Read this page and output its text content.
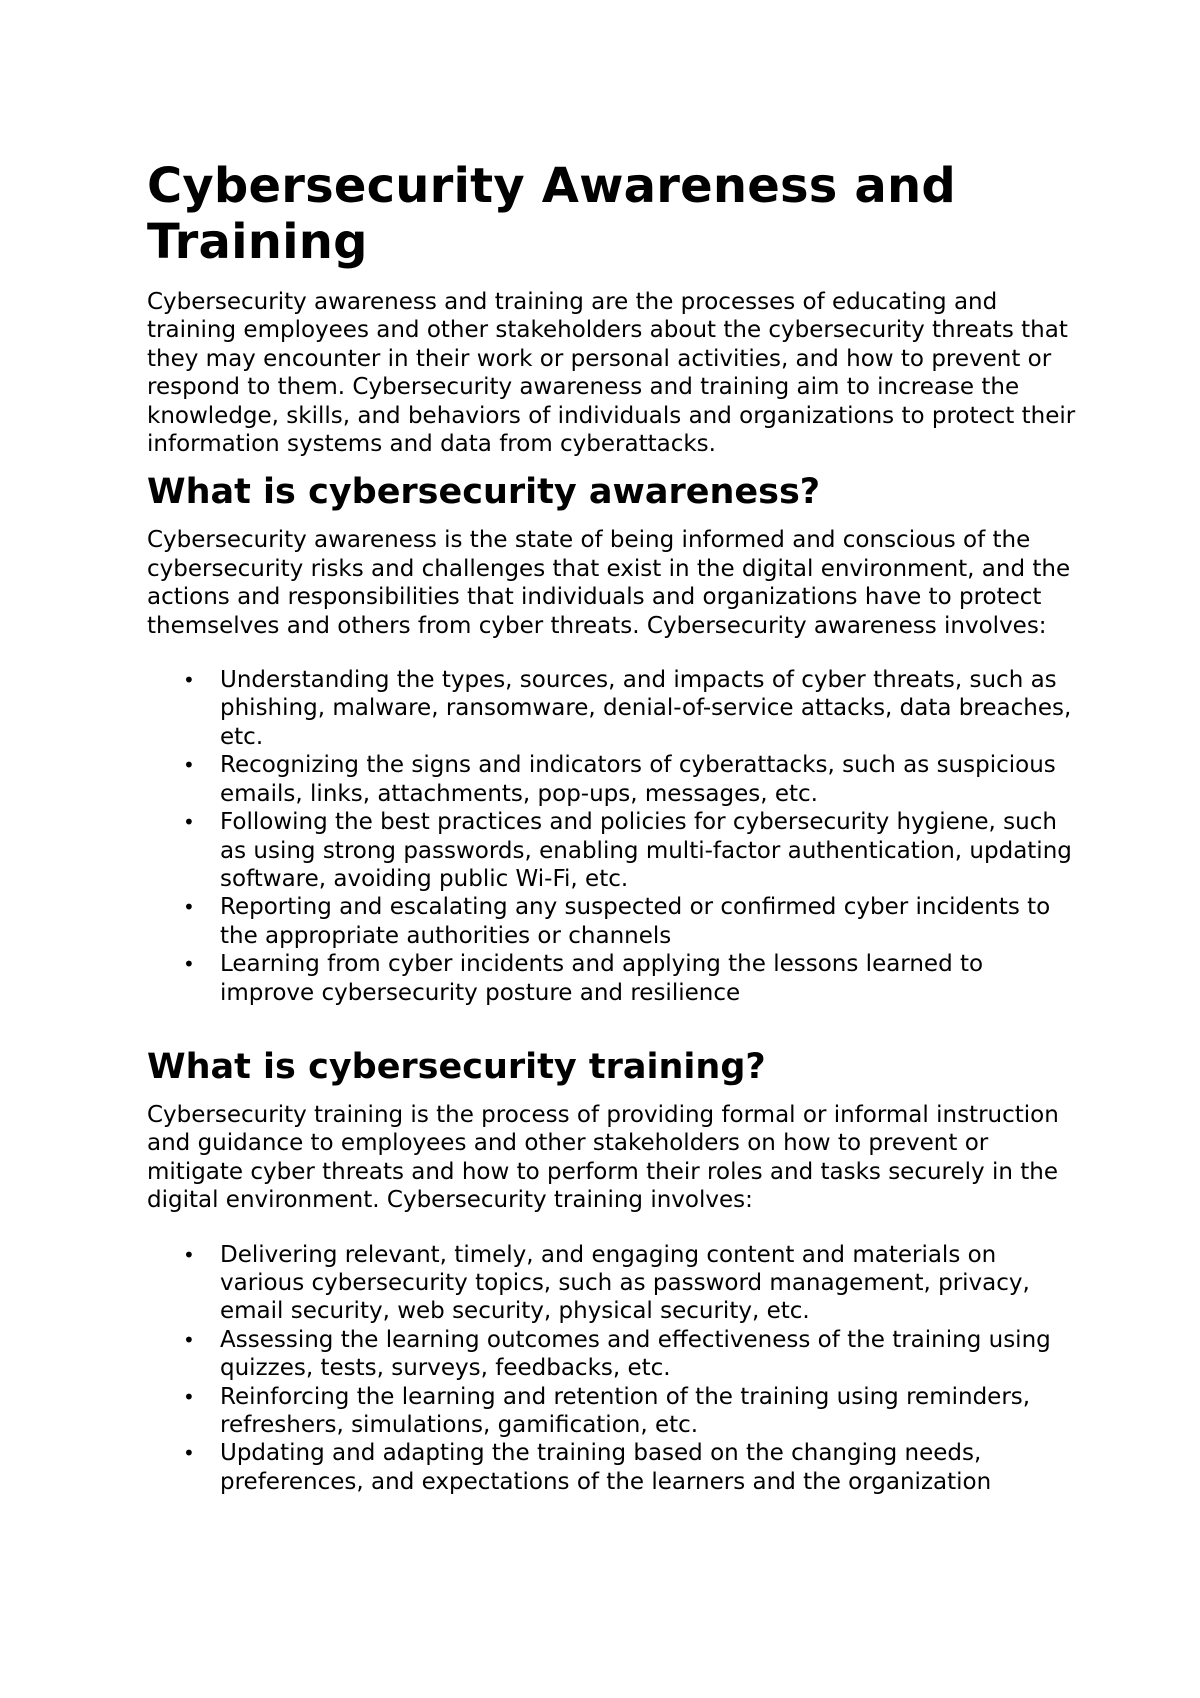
Cybersecurity Awareness and Training

Cybersecurity awareness and training are the processes of educating and training employees and other stakeholders about the cybersecurity threats that they may encounter in their work or personal activities, and how to prevent or respond to them. Cybersecurity awareness and training aim to increase the knowledge, skills, and behaviors of individuals and organizations to protect their information systems and data from cyberattacks.

What is cybersecurity awareness?

Cybersecurity awareness is the state of being informed and conscious of the cybersecurity risks and challenges that exist in the digital environment, and the actions and responsibilities that individuals and organizations have to protect themselves and others from cyber threats. Cybersecurity awareness involves:

• Understanding the types, sources, and impacts of cyber threats, such as phishing, malware, ransomware, denial-of-service attacks, data breaches, etc.
• Recognizing the signs and indicators of cyberattacks, such as suspicious emails, links, attachments, pop-ups, messages, etc.
• Following the best practices and policies for cybersecurity hygiene, such as using strong passwords, enabling multi-factor authentication, updating software, avoiding public Wi-Fi, etc.
• Reporting and escalating any suspected or confirmed cyber incidents to the appropriate authorities or channels
• Learning from cyber incidents and applying the lessons learned to improve cybersecurity posture and resilience
What is cybersecurity training?

Cybersecurity training is the process of providing formal or informal instruction and guidance to employees and other stakeholders on how to prevent or mitigate cyber threats and how to perform their roles and tasks securely in the digital environment. Cybersecurity training involves:

• Delivering relevant, timely, and engaging content and materials on various cybersecurity topics, such as password management, privacy, email security, web security, physical security, etc.
• Assessing the learning outcomes and effectiveness of the training using quizzes, tests, surveys, feedbacks, etc.
• Reinforcing the learning and retention of the training using reminders, refreshers, simulations, gamification, etc.
• Updating and adapting the training based on the changing needs, preferences, and expectations of the learners and the organization
